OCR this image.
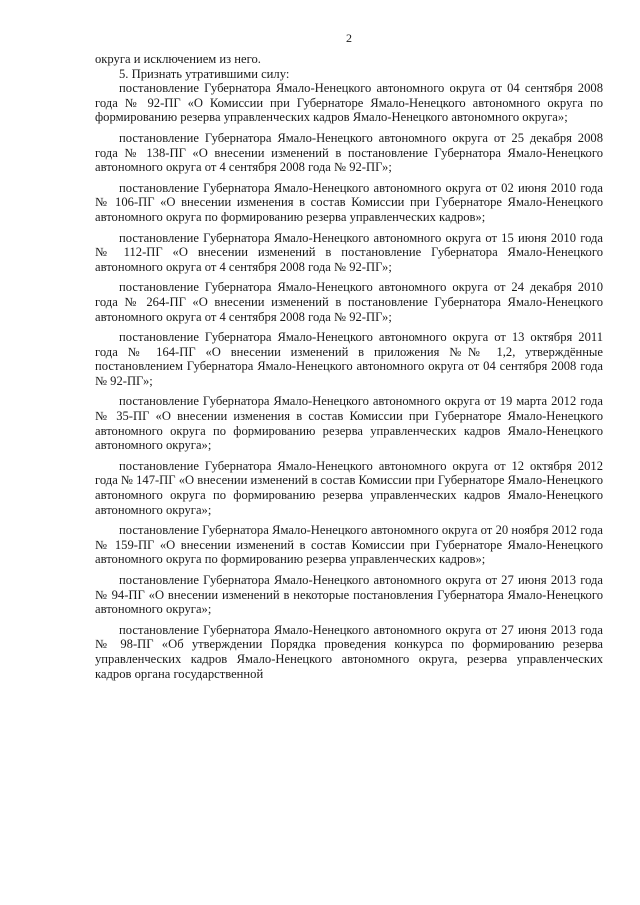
2

округа и исключением из него.

5. Признать утратившими силу:

постановление Губернатора Ямало-Ненецкого автономного округа от 04 сентября 2008 года № 92-ПГ «О Комиссии при Губернаторе Ямало-Ненецкого автономного округа по формированию резерва управленческих кадров Ямало-Ненецкого автономного округа»;

постановление Губернатора Ямало-Ненецкого автономного округа от 25 декабря 2008 года № 138-ПГ «О внесении изменений в постановление Губернатора Ямало-Ненецкого автономного округа от 4 сентября 2008 года № 92-ПГ»;

постановление Губернатора Ямало-Ненецкого автономного округа от 02 июня 2010 года № 106-ПГ «О внесении изменения в состав Комиссии при Губернаторе Ямало-Ненецкого автономного округа по формированию резерва управленческих кадров»;

постановление Губернатора Ямало-Ненецкого автономного округа от 15 июня 2010 года № 112-ПГ «О внесении изменений в постановление Губернатора Ямало-Ненецкого автономного округа от 4 сентября 2008 года № 92-ПГ»;

постановление Губернатора Ямало-Ненецкого автономного округа от 24 декабря 2010 года № 264-ПГ «О внесении изменений в постановление Губернатора Ямало-Ненецкого автономного округа от 4 сентября 2008 года № 92-ПГ»;

постановление Губернатора Ямало-Ненецкого автономного округа от 13 октября 2011 года № 164-ПГ «О внесении изменений в приложения №№ 1,2, утверждённые постановлением Губернатора Ямало-Ненецкого автономного округа от 04 сентября 2008 года № 92-ПГ»;

постановление Губернатора Ямало-Ненецкого автономного округа от 19 марта 2012 года № 35-ПГ «О внесении изменения в состав Комиссии при Губернаторе Ямало-Ненецкого автономного округа по формированию резерва управленческих кадров Ямало-Ненецкого автономного округа»;

постановление Губернатора Ямало-Ненецкого автономного округа от 12 октября 2012 года № 147-ПГ «О внесении изменений в состав Комиссии при Губернаторе Ямало-Ненецкого автономного округа по формированию резерва управленческих кадров Ямало-Ненецкого автономного округа»;

постановление Губернатора Ямало-Ненецкого автономного округа от 20 ноября 2012 года № 159-ПГ «О внесении изменений в состав Комиссии при Губернаторе Ямало-Ненецкого автономного округа по формированию резерва управленческих кадров»;

постановление Губернатора Ямало-Ненецкого автономного округа от 27 июня 2013 года № 94-ПГ «О внесении изменений в некоторые постановления Губернатора Ямало-Ненецкого автономного округа»;

постановление Губернатора Ямало-Ненецкого автономного округа от 27 июня 2013 года № 98-ПГ «Об утверждении Порядка проведения конкурса по формированию резерва управленческих кадров Ямало-Ненецкого автономного округа, резерва управленческих кадров органа государственной
